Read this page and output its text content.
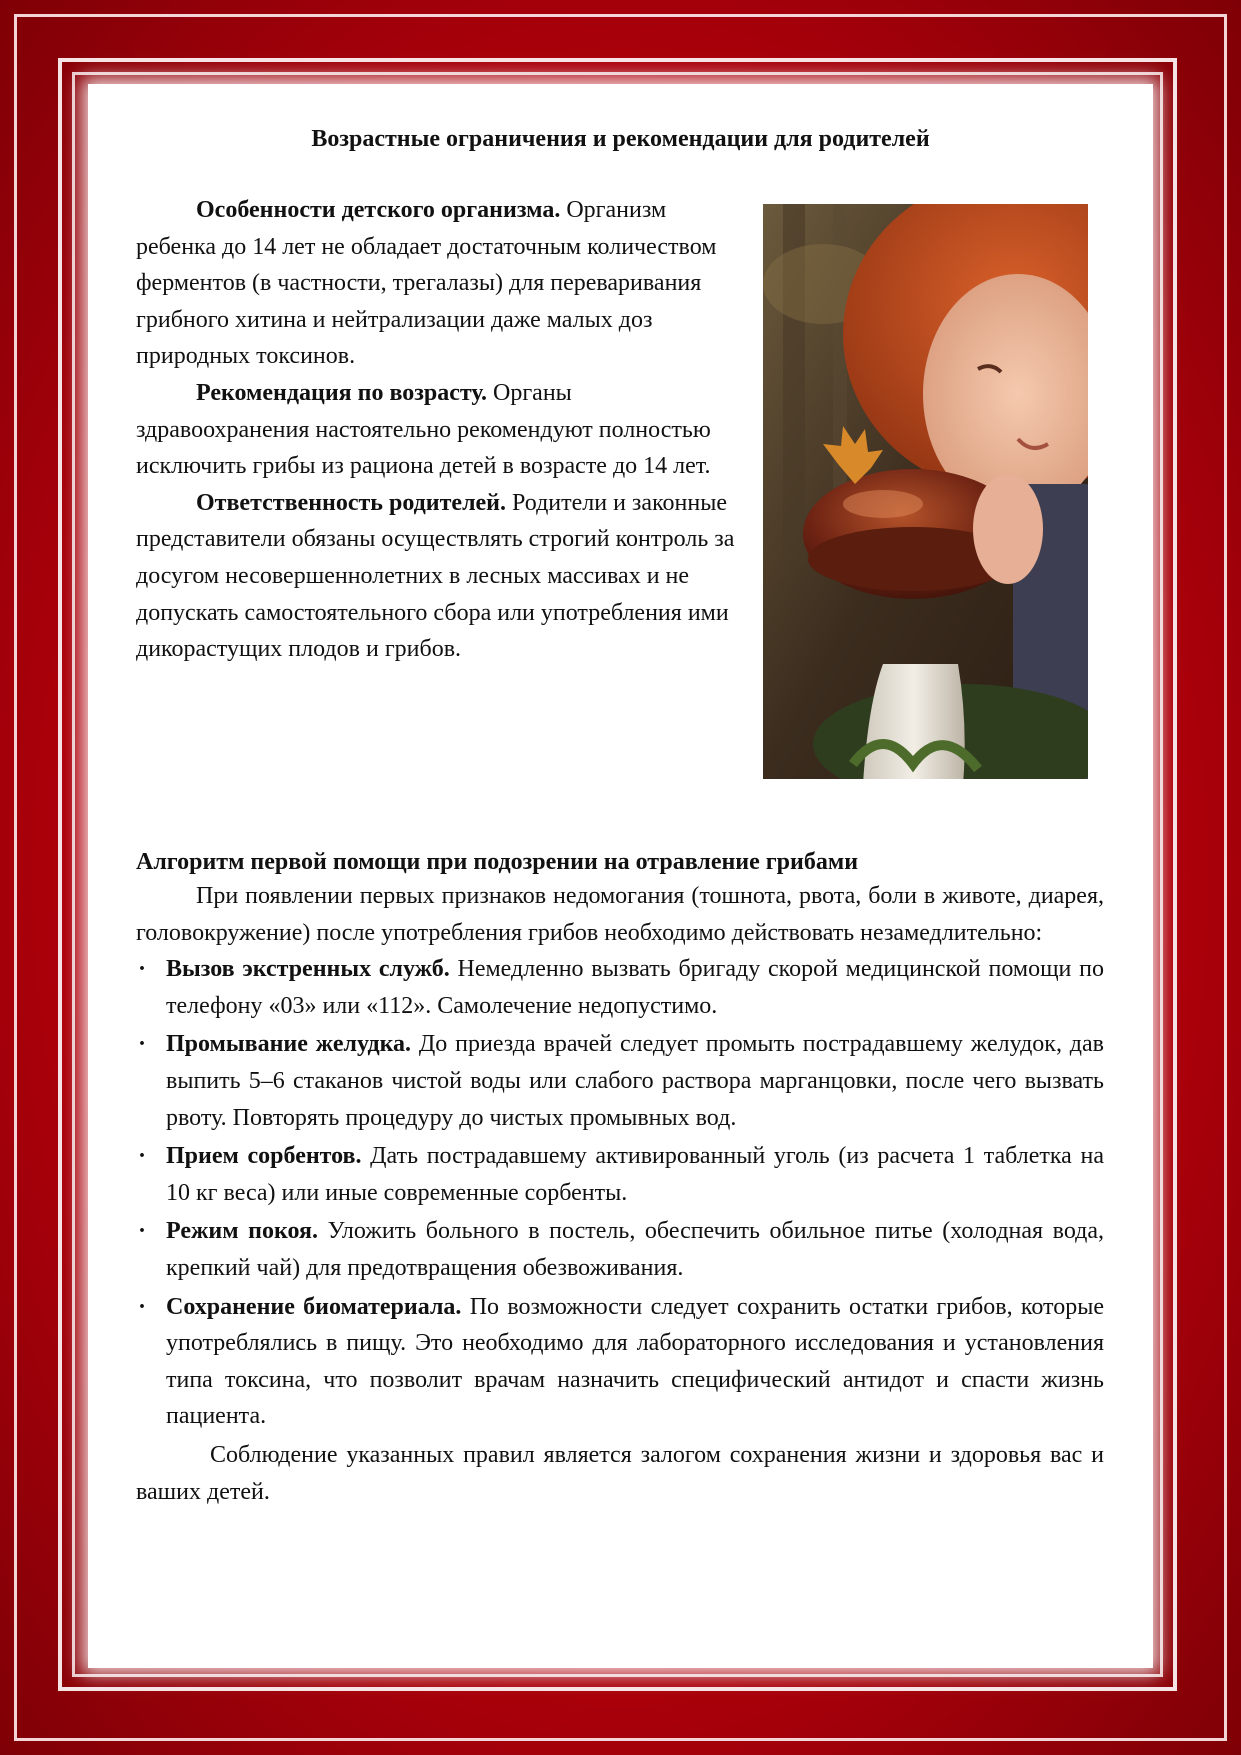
Возрастные ограничения и рекомендации для родителей

Особенности детского организма. Организм ребенка до 14 лет не обладает достаточным количеством ферментов (в частности, трегалазы) для переваривания грибного хитина и нейтрализации даже малых доз природных токсинов.

Рекомендация по возрасту. Органы здравоохранения настоятельно рекомендуют полностью исключить грибы из рациона детей в возрасте до 14 лет.

Ответственность родителей. Родители и законные представители обязаны осуществлять строгий контроль за досугом несовершеннолетних в лесных массивах и не допускать самостоятельного сбора или употребления ими дикорастущих плодов и грибов.

Алгоритм первой помощи при подозрении на отравление грибами

При появлении первых признаков недомогания (тошнота, рвота, боли в животе, диарея, головокружение) после употребления грибов необходимо действовать незамедлительно:

· Вызов экстренных служб. Немедленно вызвать бригаду скорой медицинской помощи по телефону «03» или «112». Самолечение недопустимо.
· Промывание желудка. До приезда врачей следует промыть пострадавшему желудок, дав выпить 5–6 стаканов чистой воды или слабого раствора марганцовки, после чего вызвать рвоту. Повторять процедуру до чистых промывных вод.
· Прием сорбентов. Дать пострадавшему активированный уголь (из расчета 1 таблетка на 10 кг веса) или иные современные сорбенты.
· Режим покоя. Уложить больного в постель, обеспечить обильное питье (холодная вода, крепкий чай) для предотвращения обезвоживания.
· Сохранение биоматериала. По возможности следует сохранить остатки грибов, которые употреблялись в пищу. Это необходимо для лабораторного исследования и установления типа токсина, что позволит врачам назначить специфический антидот и спасти жизнь пациента.

Соблюдение указанных правил является залогом сохранения жизни и здоровья вас и ваших детей.
